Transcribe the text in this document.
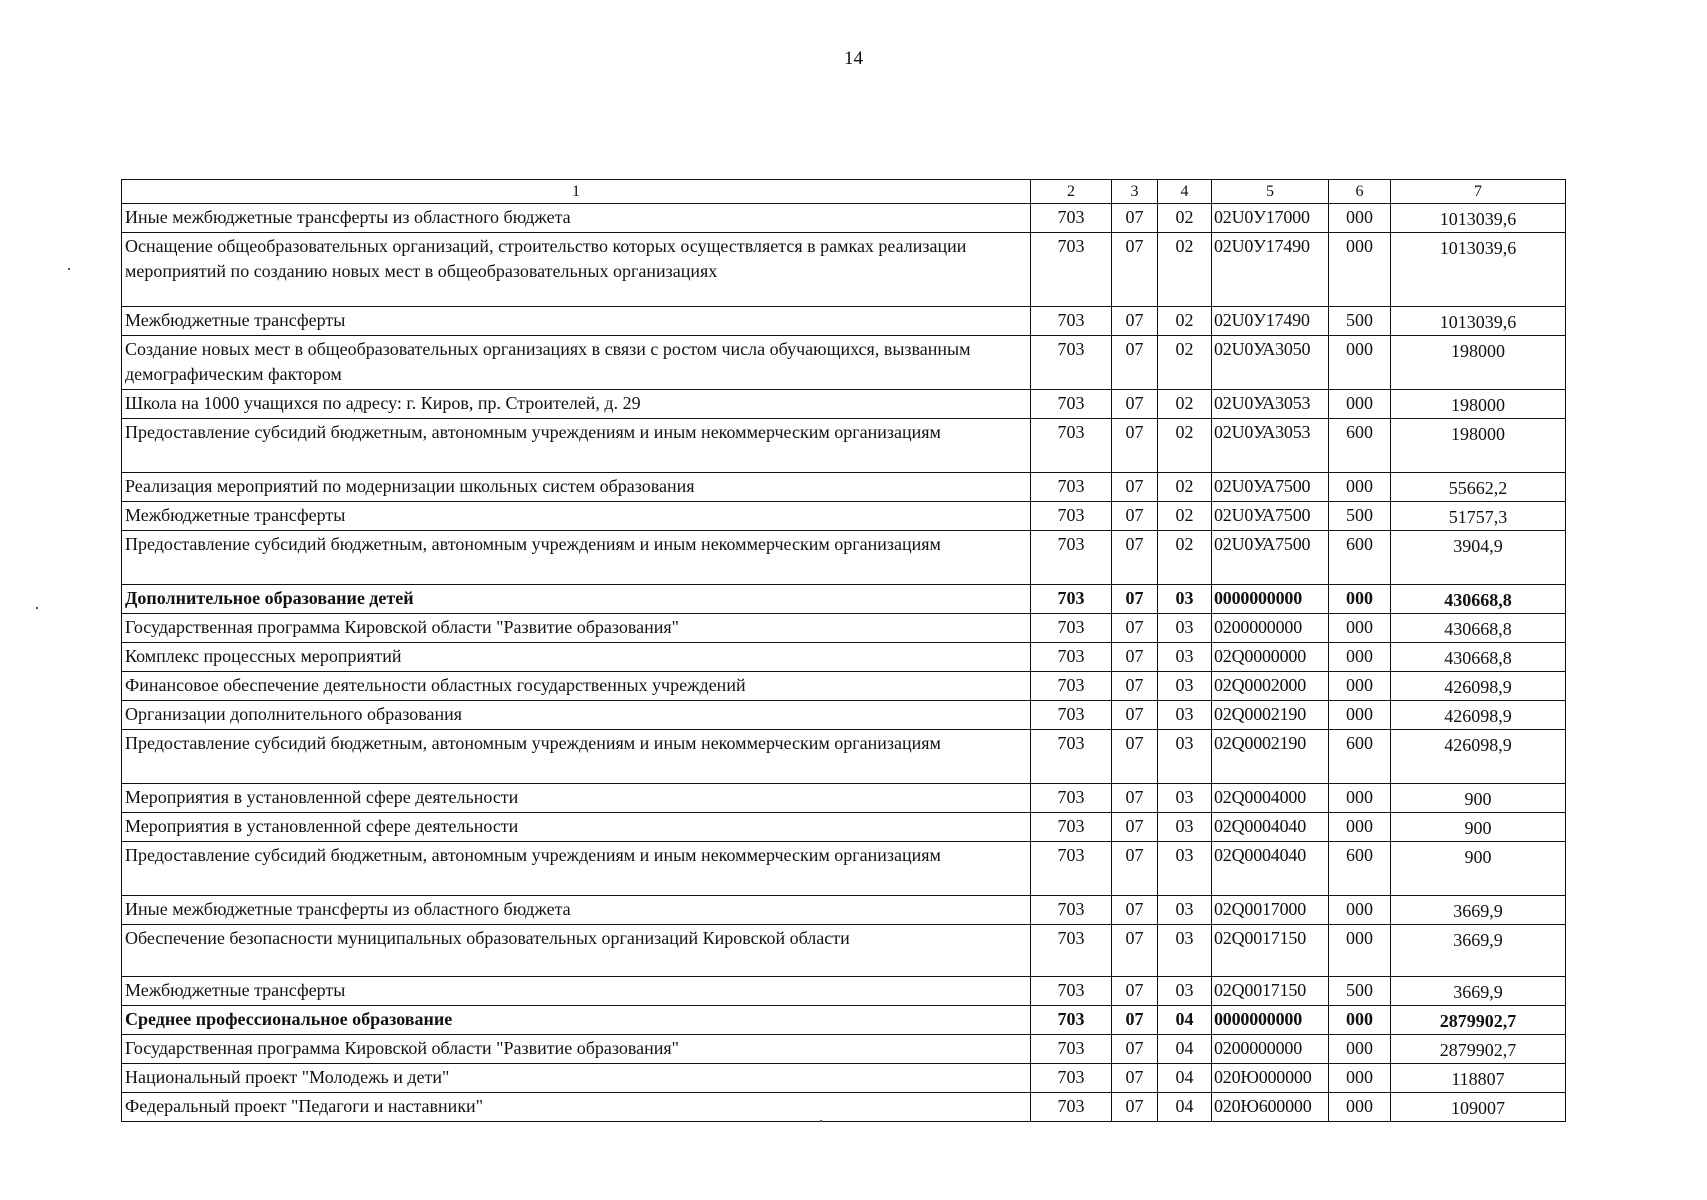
14
1	2	3	4	5	6	7
Иные межбюджетные трансферты из областного бюджета	703	07	02	02U0У17000	000	1013039,6
Оснащение общеобразовательных организаций, строительство которых осуществляется в рамках реализации мероприятий по созданию новых мест в общеобразовательных организациях	703	07	02	02U0У17490	000	1013039,6
Межбюджетные трансферты	703	07	02	02U0У17490	500	1013039,6
Создание новых мест в общеобразовательных организациях в связи с ростом числа обучающихся, вызванным демографическим фактором	703	07	02	02U0УА3050	000	198000
Школа на 1000 учащихся по адресу: г. Киров, пр. Строителей, д. 29	703	07	02	02U0УА3053	000	198000
Предоставление субсидий бюджетным, автономным учреждениям и иным некоммерческим организациям	703	07	02	02U0УА3053	600	198000
Реализация мероприятий по модернизации школьных систем образования	703	07	02	02U0УА7500	000	55662,2
Межбюджетные трансферты	703	07	02	02U0УА7500	500	51757,3
Предоставление субсидий бюджетным, автономным учреждениям и иным некоммерческим организациям	703	07	02	02U0УА7500	600	3904,9
Дополнительное образование детей	703	07	03	0000000000	000	430668,8
Государственная программа Кировской области "Развитие образования"	703	07	03	0200000000	000	430668,8
Комплекс процессных мероприятий	703	07	03	02Q0000000	000	430668,8
Финансовое обеспечение деятельности областных государственных учреждений	703	07	03	02Q0002000	000	426098,9
Организации дополнительного образования	703	07	03	02Q0002190	000	426098,9
Предоставление субсидий бюджетным, автономным учреждениям и иным некоммерческим организациям	703	07	03	02Q0002190	600	426098,9
Мероприятия в установленной сфере деятельности	703	07	03	02Q0004000	000	900
Мероприятия в установленной сфере деятельности	703	07	03	02Q0004040	000	900
Предоставление субсидий бюджетным, автономным учреждениям и иным некоммерческим организациям	703	07	03	02Q0004040	600	900
Иные межбюджетные трансферты из областного бюджета	703	07	03	02Q0017000	000	3669,9
Обеспечение безопасности муниципальных образовательных организаций Кировской области	703	07	03	02Q0017150	000	3669,9
Межбюджетные трансферты	703	07	03	02Q0017150	500	3669,9
Среднее профессиональное образование	703	07	04	0000000000	000	2879902,7
Государственная программа Кировской области "Развитие образования"	703	07	04	0200000000	000	2879902,7
Национальный проект "Молодежь и дети"	703	07	04	020Ю000000	000	118807
Федеральный проект "Педагоги и наставники"	703	07	04	020Ю600000	000	109007
